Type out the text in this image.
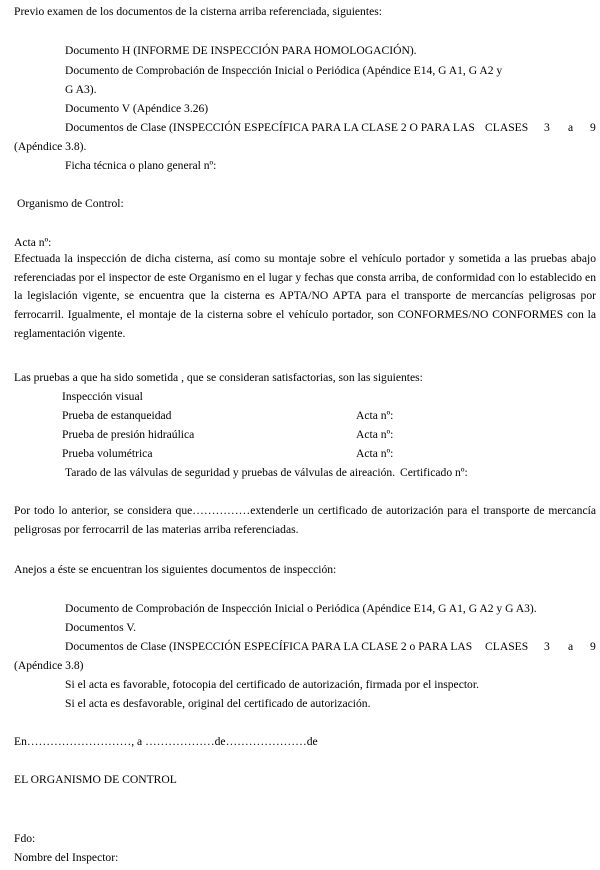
Previo examen de los documentos de la cisterna arriba referenciada, siguientes:
Documento H (INFORME DE INSPECCIÓN PARA HOMOLOGACIÓN).
Documento de Comprobación de Inspección Inicial o Periódica (Apéndice E14, G A1, G A2 y
G A3).
Documento V (Apéndice 3.26)
Documentos de Clase (INSPECCIÓN ESPECÍFICA PARA LA CLASE 2 O PARA LAS CLASES 3 a 9
(Apéndice 3.8).
Ficha técnica o plano general nº:
Organismo de Control:
Acta nº:
Efectuada la inspección de dicha cisterna, así como su montaje sobre el vehículo portador y sometida a las pruebas abajo referenciadas por el inspector de este Organismo en el lugar y fechas que consta arriba, de conformidad con lo establecido en la legislación vigente, se encuentra que la cisterna es APTA/NO APTA para el transporte de mercancías peligrosas por ferrocarril. Igualmente, el montaje de la cisterna sobre el vehículo portador, son CONFORMES/NO CONFORMES con la reglamentación vigente.
Las pruebas a que ha sido sometida , que se consideran satisfactorias, son las siguientes:
Inspección visual
Prueba de estanqueidad	Acta nº:
Prueba de presión hidraúlica	Acta nº:
Prueba volumétrica	Acta nº:
Tarado de las válvulas de seguridad y pruebas de válvulas de aireación. Certificado nº:
Por todo lo anterior, se considera que……………extenderle un certificado de autorización para el transporte de mercancía peligrosas por ferrocarril de las materias arriba referenciadas.
Anejos a éste se encuentran los siguientes documentos de inspección:
Documento de Comprobación de Inspección Inicial o Periódica (Apéndice E14, G A1, G A2 y G A3).
Documentos V.
Documentos de Clase (INSPECCIÓN ESPECÍFICA PARA LA CLASE 2 o PARA LAS CLASES 3 a 9
(Apéndice 3.8)
Si el acta es favorable, fotocopia del certificado de autorización, firmada por el inspector.
Si el acta es desfavorable, original del certificado de autorización.
En………………………, a ………………de…………………de
EL ORGANISMO DE CONTROL
Fdo:
Nombre del Inspector:
